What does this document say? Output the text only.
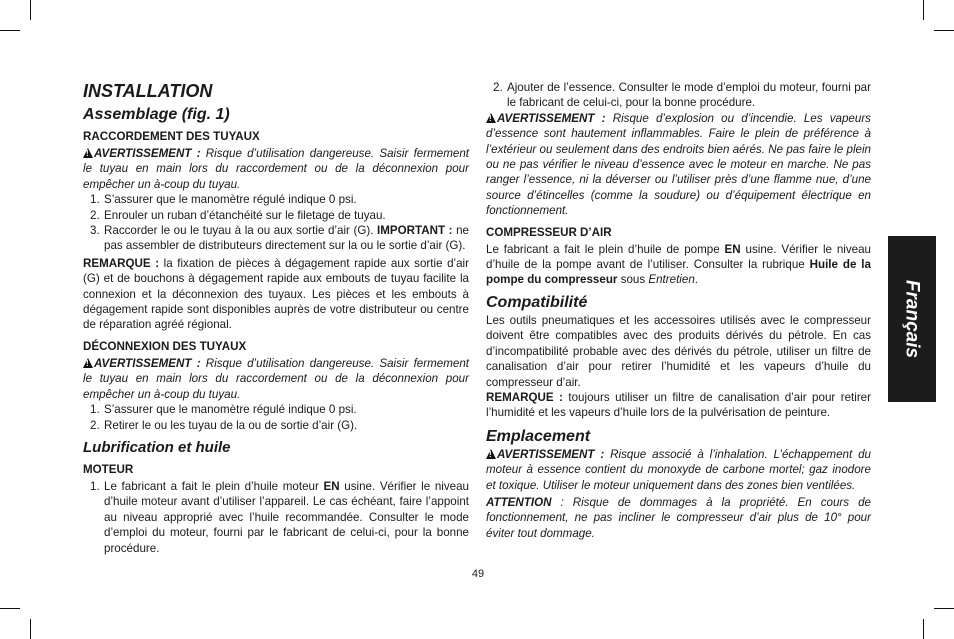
INSTALLATION
Assemblage (fig. 1)
RACCORDEMENT DES TUYAUX

!AVERTISSEMENT : Risque d’utilisation dangereuse. Saisir fermement le tuyau en main lors du raccordement ou de la déconnexion pour empêcher un à-coup du tuyau.

1. S’assurer que le manomètre régulé indique 0 psi.
2. Enrouler un ruban d’étanchéité sur le filetage de tuyau.
3. Raccorder le ou le tuyau à la ou aux sortie d’air (G). IMPORTANT : ne pas assembler de distributeurs directement sur la ou le sortie d’air (G).

REMARQUE : la fixation de pièces à dégagement rapide aux sortie d’air (G) et de bouchons à dégagement rapide aux embouts de tuyau facilite la connexion et la déconnexion des tuyaux. Les pièces et les embouts à dégagement rapide sont disponibles auprès de votre distributeur ou centre de réparation agréé régional.

DÉCONNEXION DES TUYAUX

!AVERTISSEMENT : Risque d’utilisation dangereuse. Saisir fermement le tuyau en main lors du raccordement ou de la déconnexion pour empêcher un à-coup du tuyau.

1. S’assurer que le manomètre régulé indique 0 psi.
2. Retirer le ou les tuyau de la ou de sortie d’air (G).
Lubrification et huile
MOTEUR
1. Le fabricant a fait le plein d’huile moteur EN usine. Vérifier le niveau d’huile moteur avant d’utiliser l’appareil. Le cas échéant, faire l’appoint au niveau approprié avec l’huile recommandée. Consulter le mode d’emploi du moteur, fourni par le fabricant de celui-ci, pour la bonne procédure.
2. Ajouter de l’essence. Consulter le mode d’emploi du moteur, fourni par le fabricant de celui-ci, pour la bonne procédure.

!AVERTISSEMENT : Risque d’explosion ou d’incendie. Les vapeurs d’essence sont hautement inflammables. Faire le plein de préférence à l’extérieur ou seulement dans des endroits bien aérés. Ne pas faire le plein ou ne pas vérifier le niveau d’essence avec le moteur en marche. Ne pas ranger l’essence, ni la déverser ou l’utiliser près d’une flamme nue, d’une source d’étincelles (comme la soudure) ou d’équipement électrique en fonctionnement.

COMPRESSEUR D’AIR

Le fabricant a fait le plein d’huile de pompe EN usine. Vérifier le niveau d’huile de la pompe avant de l’utiliser. Consulter la rubrique Huile de la pompe du compresseur sous Entretien.

Compatibilité

Les outils pneumatiques et les accessoires utilisés avec le compresseur doivent être compatibles avec des produits dérivés du pétrole. En cas d’incompatibilité probable avec des dérivés du pétrole, utiliser un filtre de canalisation d’air pour retirer l’humidité et les vapeurs d’huile du compresseur d’air.

REMARQUE : toujours utiliser un filtre de canalisation d’air pour retirer l’humidité et les vapeurs d’huile lors de la pulvérisation de peinture.

Emplacement

!AVERTISSEMENT : Risque associé à l’inhalation. L’échappement du moteur à essence contient du monoxyde de carbone mortel; gaz inodore et toxique. Utiliser le moteur uniquement dans des zones bien ventilées.

ATTENTION : Risque de dommages à la propriété. En cours de fonctionnement, ne pas incliner le compresseur d’air plus de 10° pour éviter tout dommage.

Français
49
